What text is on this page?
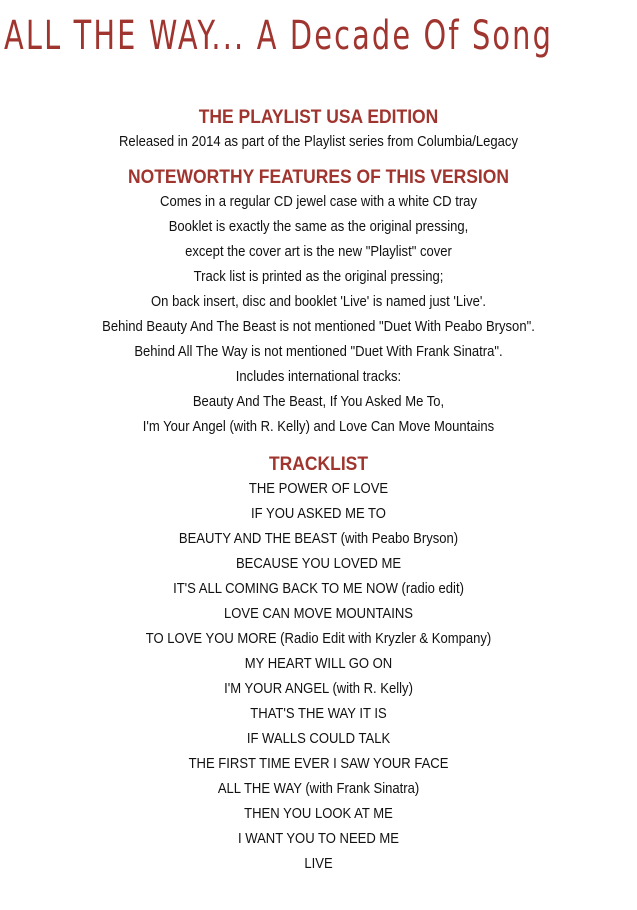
ALL THE WAY... A Decade Of Song
THE PLAYLIST USA EDITION
Released in 2014 as part of the Playlist series from Columbia/Legacy
NOTEWORTHY FEATURES OF THIS VERSION
Comes in a regular CD jewel case with a white CD tray
Booklet is exactly the same as the original pressing,
except the cover art is the new "Playlist" cover
Track list is printed as the original pressing;
On back insert, disc and booklet 'Live' is named just 'Live'.
Behind Beauty And The Beast is not mentioned "Duet With Peabo Bryson".
Behind All The Way is not mentioned "Duet With Frank Sinatra".
Includes international tracks:
Beauty And The Beast, If You Asked Me To,
I'm Your Angel (with R. Kelly) and Love Can Move Mountains
TRACKLIST
THE POWER OF LOVE
IF YOU ASKED ME TO
BEAUTY AND THE BEAST (with Peabo Bryson)
BECAUSE YOU LOVED ME
IT'S ALL COMING BACK TO ME NOW (radio edit)
LOVE CAN MOVE MOUNTAINS
TO LOVE YOU MORE (Radio Edit with Kryzler & Kompany)
MY HEART WILL GO ON
I'M YOUR ANGEL (with R. Kelly)
THAT'S THE WAY IT IS
IF WALLS COULD TALK
THE FIRST TIME EVER I SAW YOUR FACE
ALL THE WAY (with Frank Sinatra)
THEN YOU LOOK AT ME
I WANT YOU TO NEED ME
LIVE
